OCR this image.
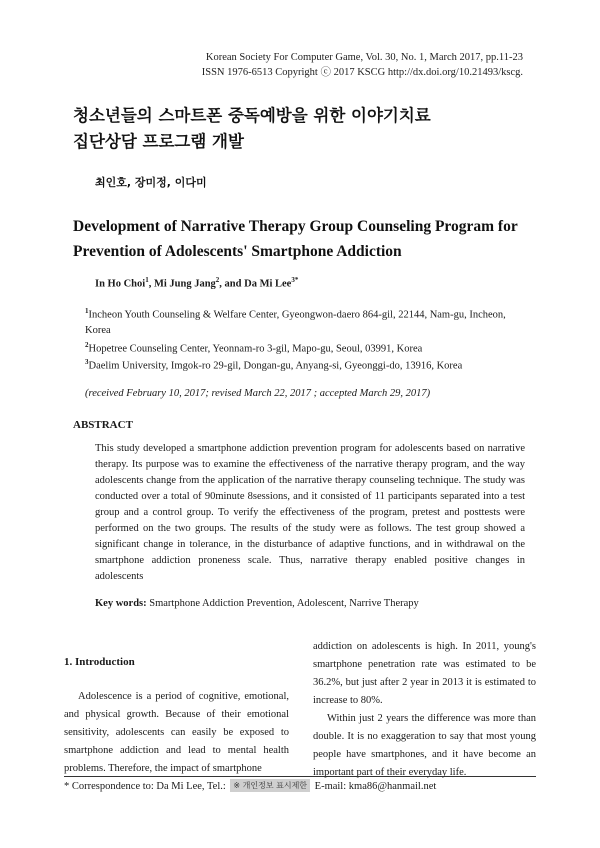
Korean Society For Computer Game, Vol. 30, No. 1, March 2017, pp.11-23
ISSN 1976-6513 Copyright ⓒ 2017 KSCG http://dx.doi.org/10.21493/kscg.
청소년들의 스마트폰 중독예방을 위한 이야기치료
집단상담 프로그램 개발
최인호, 장미정, 이다미
Development of Narrative Therapy Group Counseling Program for
Prevention of Adolescents' Smartphone Addiction
In Ho Choi$^1$, Mi Jung Jang$^2$, and Da Mi Lee$^{3*}$
$^1$Incheon Youth Counseling & Welfare Center, Gyeongwon-daero 864-gil, 22144, Nam-gu, Incheon, Korea
$^2$Hopetree Counseling Center, Yeonnam-ro 3-gil, Mapo-gu, Seoul, 03991, Korea
$^3$Daelim University, Imgok-ro 29-gil, Dongan-gu, Anyang-si, Gyeonggi-do, 13916, Korea
(received February 10, 2017; revised March 22, 2017 ; accepted March 29, 2017)
ABSTRACT
This study developed a smartphone addiction prevention program for adolescents based on narrative therapy. Its purpose was to examine the effectiveness of the narrative therapy program, and the way adolescents change from the application of the narrative therapy counseling technique. The study was conducted over a total of 90minute 8sessions, and it consisted of 11 participants separated into a test group and a control group. To verify the effectiveness of the program, pretest and posttests were performed on the two groups. The results of the study were as follows. The test group showed a significant change in tolerance, in the disturbance of adaptive functions, and in withdrawal on the smartphone addiction proneness scale. Thus, narrative therapy enabled positive changes in adolescents
Key words: Smartphone Addiction Prevention, Adolescent, Narrive Therapy
1. Introduction

Adolescence is a period of cognitive, emotional, and physical growth. Because of their emotional sensitivity, adolescents can easily be exposed to smartphone addiction and lead to mental health problems. Therefore, the impact of smartphone

addiction on adolescents is high. In 2011, young's smartphone penetration rate was estimated to be 36.2%, but just after 2 year in 2013 it is estimated to increase to 80%.

Within just 2 years the difference was more than double. It is no exaggeration to say that most young people have smartphones, and it have become an important part of their everyday life.

* Correspondence to: Da Mi Lee, Tel.: ※ 개인정보 표시제한 E-mail: kma86@hanmail.net
